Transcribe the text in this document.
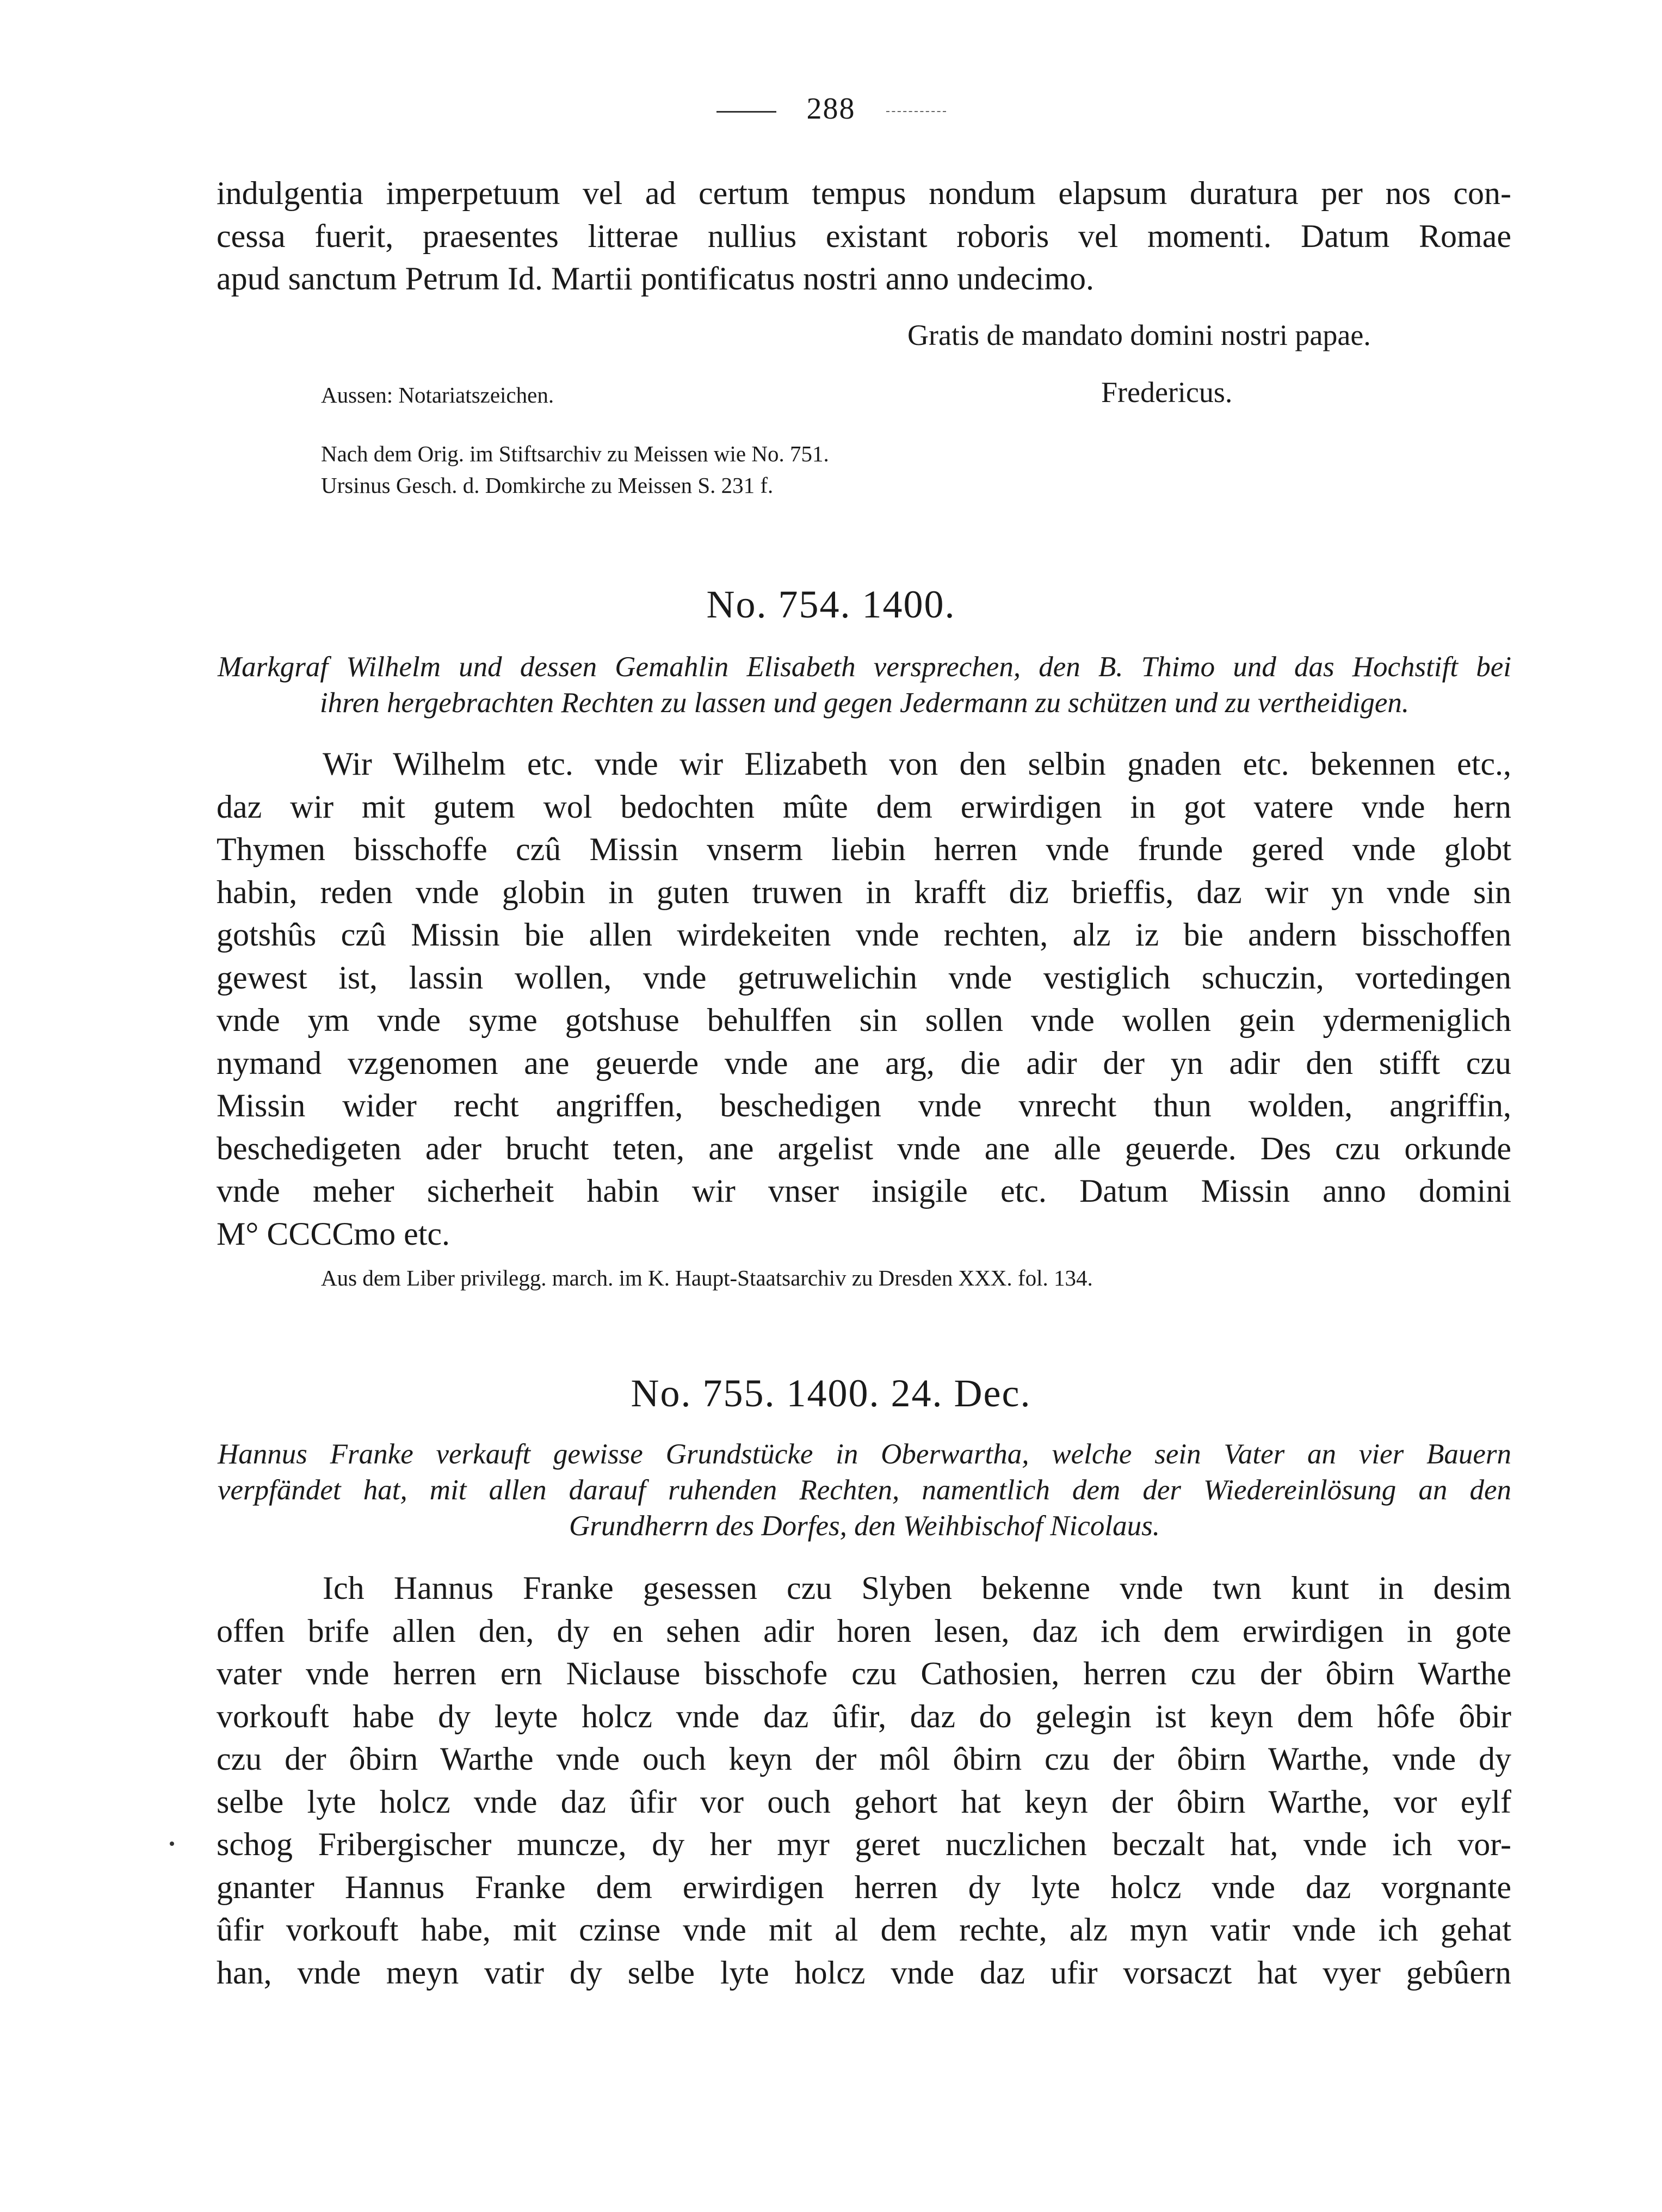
288
indulgentia imperpetuum vel ad certum tempus nondum elapsum duratura per nos con-
cessa fuerit, praesentes litterae nullius existant roboris vel momenti. Datum Romae
apud sanctum Petrum Id. Martii pontificatus nostri anno undecimo.
Gratis de mandato domini nostri papae.
Aussen: Notariatszeichen.	Fredericus.
Nach dem Orig. im Stiftsarchiv zu Meissen wie No. 751.
Ursinus Gesch. d. Domkirche zu Meissen S. 231 f.
No. 754. 1400.
Markgraf Wilhelm und dessen Gemahlin Elisabeth versprechen, den B. Thimo und das Hochstift bei
ihren hergebrachten Rechten zu lassen und gegen Jedermann zu schützen und zu vertheidigen.
Wir Wilhelm etc. vnde wir Elizabeth von den selbin gnaden etc. bekennen etc.,
daz wir mit gutem wol bedochten mûte dem erwirdigen in got vatere vnde hern
Thymen bisschoffe czû Missin vnserm liebin herren vnde frunde gered vnde globt
habin, reden vnde globin in guten truwen in krafft diz brieffis, daz wir yn vnde sin
gotshûs czû Missin bie allen wirdekeiten vnde rechten, alz iz bie andern bisschoffen
gewest ist, lassin wollen, vnde getruwelichin vnde vestiglich schuczin, vortedingen
vnde ym vnde syme gotshuse behulffen sin sollen vnde wollen gein ydermeniglich
nymand vzgenomen ane geuerde vnde ane arg, die adir der yn adir den stifft czu
Missin wider recht angriffen, beschedigen vnde vnrecht thun wolden, angriffin,
beschedigeten ader brucht teten, ane argelist vnde ane alle geuerde. Des czu orkunde
vnde meher sicherheit habin wir vnser insigile etc. Datum Missin anno domini
M° CCCCmo etc.
Aus dem Liber privilegg. march. im K. Haupt-Staatsarchiv zu Dresden XXX. fol. 134.
No. 755. 1400. 24. Dec.
Hannus Franke verkauft gewisse Grundstücke in Oberwartha, welche sein Vater an vier Bauern
verpfändet hat, mit allen darauf ruhenden Rechten, namentlich dem der Wiedereinlösung an den
Grundherrn des Dorfes, den Weihbischof Nicolaus.
Ich Hannus Franke gesessen czu Slyben bekenne vnde twn kunt in desim
offen brife allen den, dy en sehen adir horen lesen, daz ich dem erwirdigen in gote
vater vnde herren ern Niclause bisschofe czu Cathosien, herren czu der ôbirn Warthe
vorkouft habe dy leyte holcz vnde daz ûfir, daz do gelegin ist keyn dem hôfe ôbir
czu der ôbirn Warthe vnde ouch keyn der môl ôbirn czu der ôbirn Warthe, vnde dy
selbe lyte holcz vnde daz ûfir vor ouch gehort hat keyn der ôbirn Warthe, vor eylf
schog Fribergischer muncze, dy her myr geret nuczlichen beczalt hat, vnde ich vor-
gnanter Hannus Franke dem erwirdigen herren dy lyte holcz vnde daz vorgnante
ûfir vorkouft habe, mit czinse vnde mit al dem rechte, alz myn vatir vnde ich gehat
han, vnde meyn vatir dy selbe lyte holcz vnde daz ufir vorsaczt hat vyer gebûern
